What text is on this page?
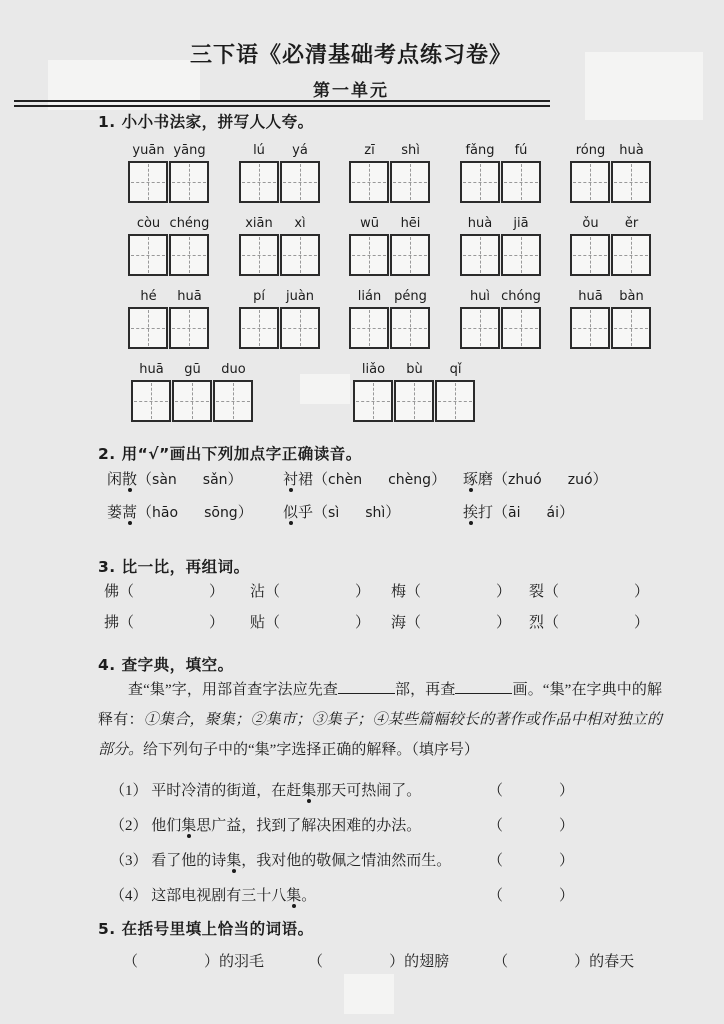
三下语《必清基础考点练习卷》
第一单元
1. 小小书法家，拼写人人夸。
yuān yāng	lú	yá	zī	shì	fǎng	fú	róng	huà
còu chéng	xiān	xì	wū	hēi	huà	jiā	ǒu	ěr
hé	huā	pí	juàn	lián péng	huì chóng	huā	bàn
huā	gū	duo	liǎo	bù	qǐ
2. 用“√”画出下列加点字正确读音。
闲散（sàn sǎn）	衬裙（chèn chèng）	琢磨（zhuó zuó）
蒌蒿（hāo sōng）	似乎（sì shì）	挨打（āi ái）
3. 比一比，再组词。
佛（	）	沾（	）	梅（	）	裂（	）
拂（	）	贴（	）	海（	）	烈（	）
4. 查字典，填空。
查“集”字，用部首查字法应先查	部，再查	画。“集”在字典中的解释有：①集合，聚集；②集市；③集子；④某些篇幅较长的著作或作品中相对独立的部分。给下列句子中的“集”字选择正确的解释。（填序号）
（1） 平时冷清的街道，在赶集那天可热闹了。	（	）
（2） 他们集思广益，找到了解决困难的办法。	（	）
（3） 看了他的诗集，我对他的敬佩之情油然而生。 （	）
（4） 这部电视剧有三十八集。	（	）
5. 在括号里填上恰当的词语。
（	）的羽毛	（	）的翅膀	（	）的春天
